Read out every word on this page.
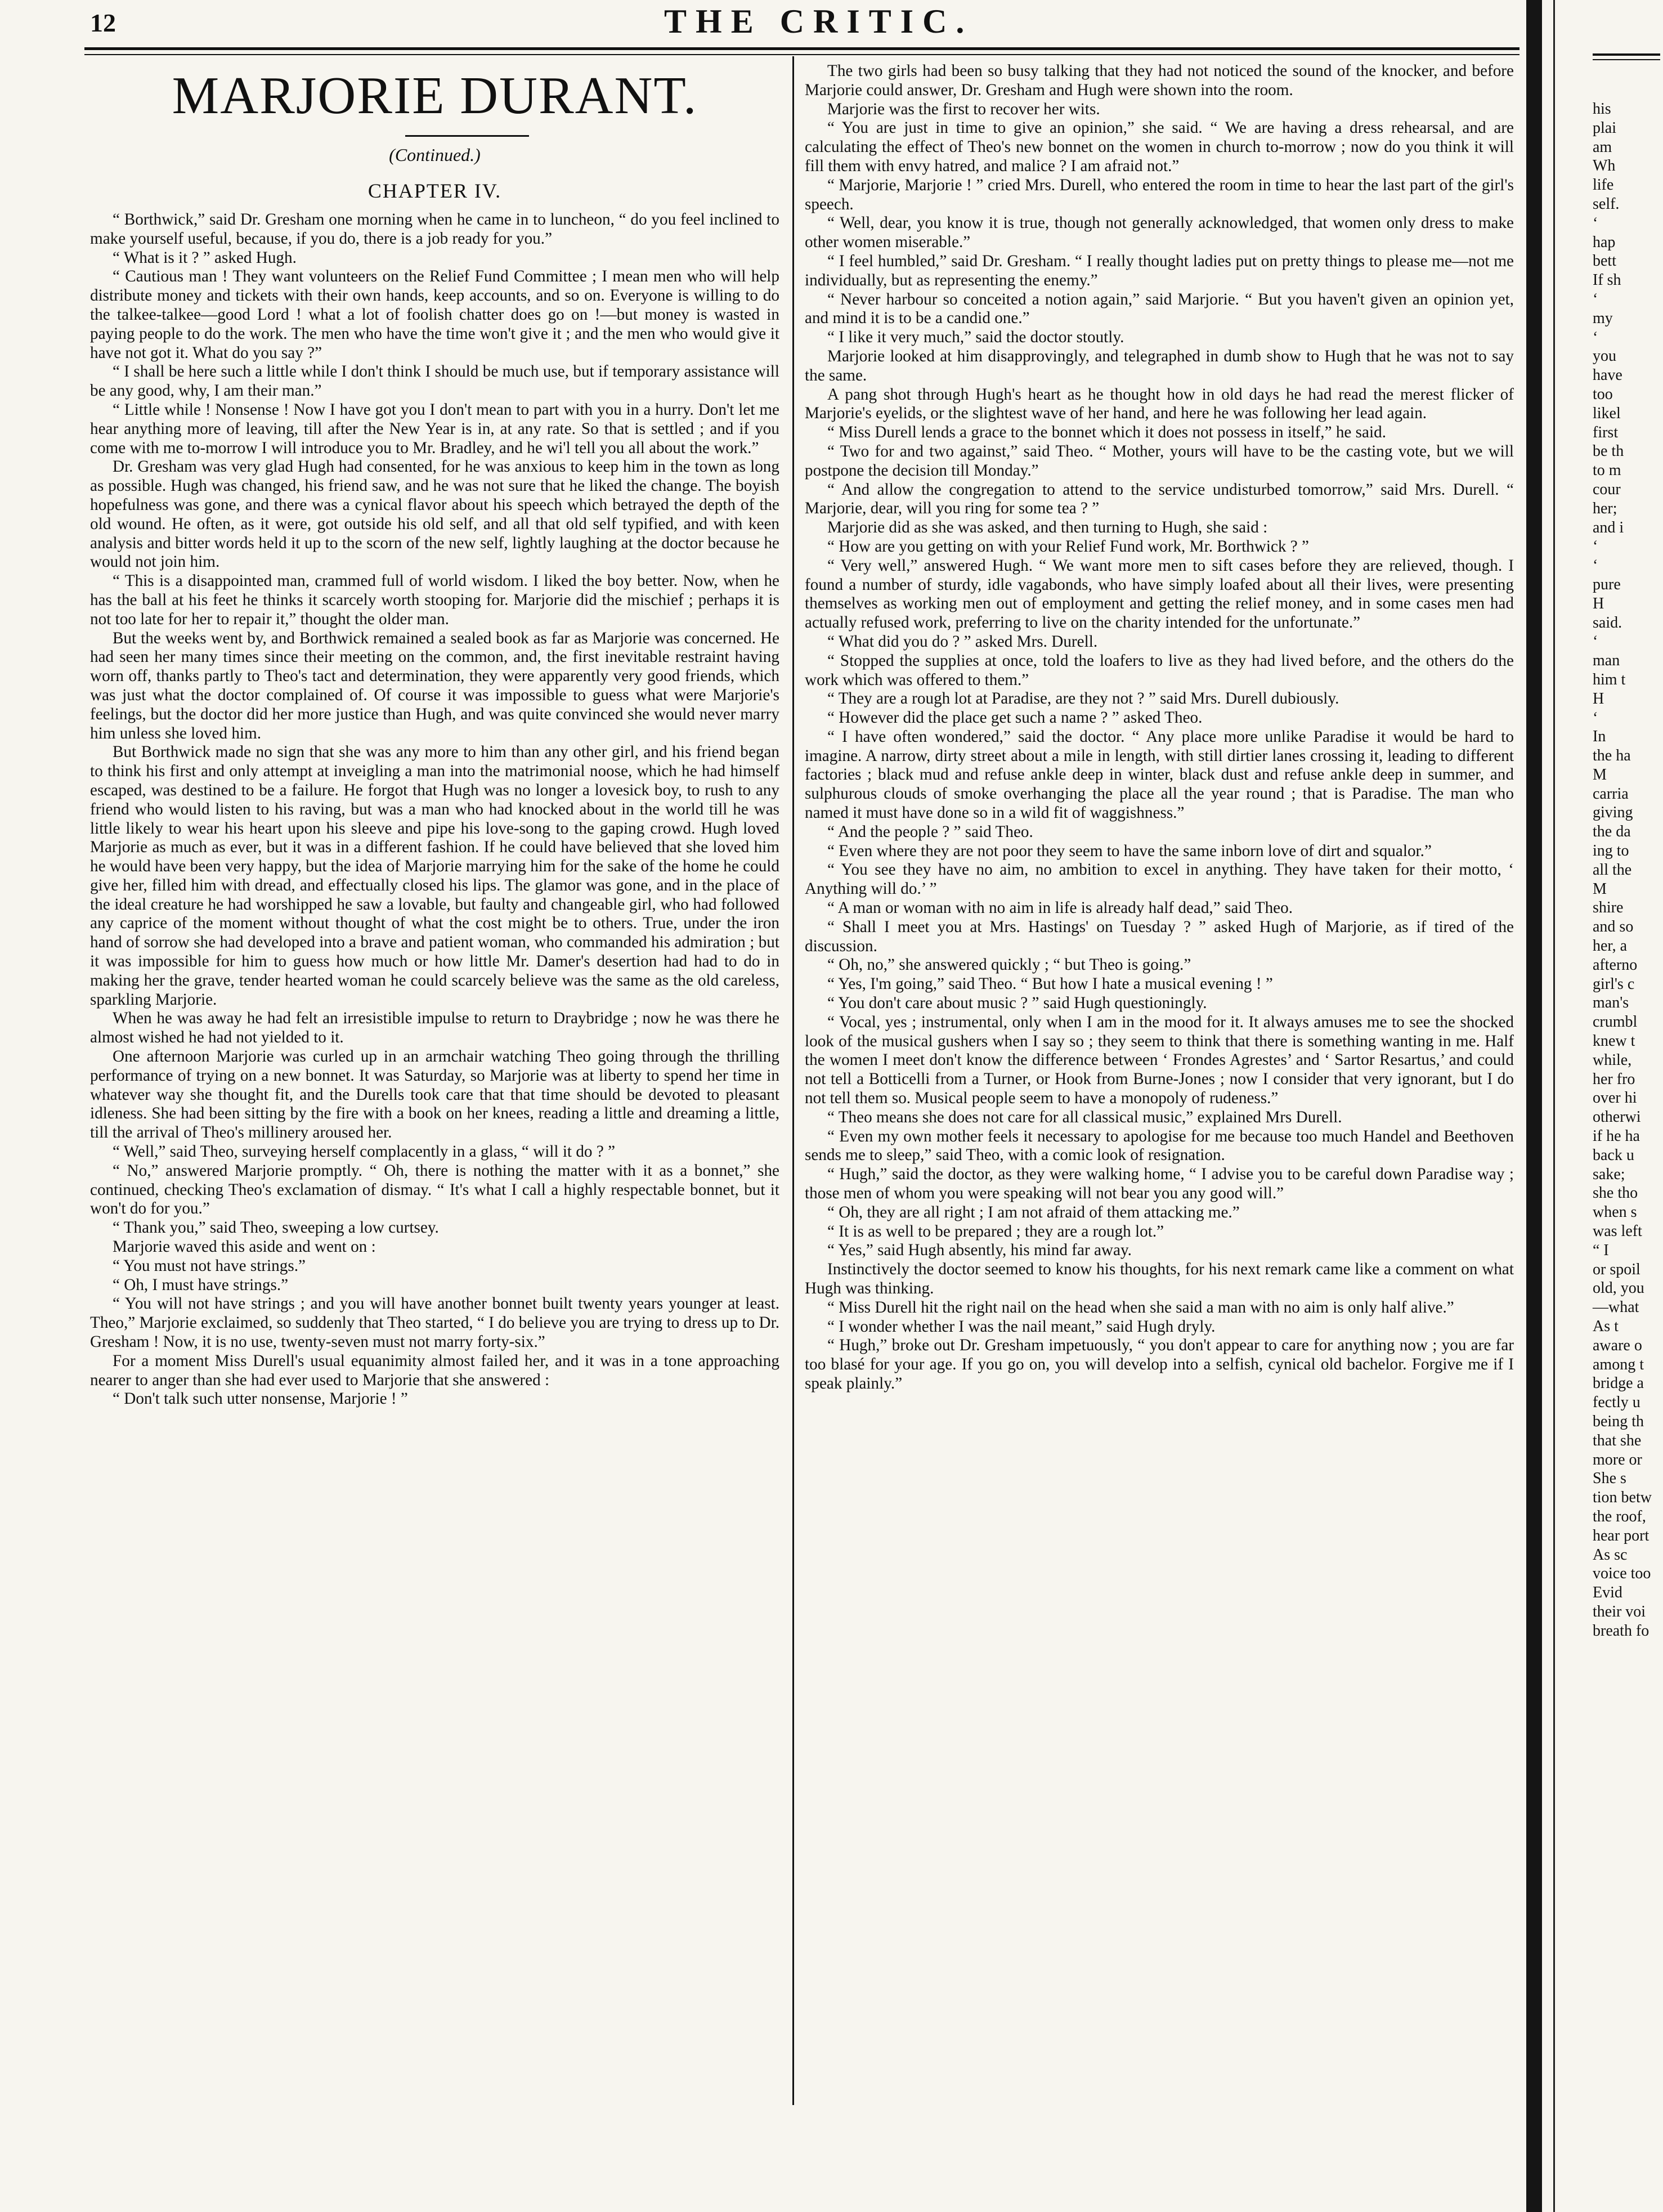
12	THE CRITIC.
MARJORIE DURANT.
(Continued.)
CHAPTER IV.

“ Borthwick,” said Dr. Gresham one morning when he came in to luncheon, “ do you feel inclined to make yourself useful, because, if you do, there is a job ready for you.”

“ What is it ? ” asked Hugh.

“ Cautious man ! They want volunteers on the Relief Fund Committee ; I mean men who will help distribute money and tickets with their own hands, keep accounts, and so on. Everyone is willing to do the talkee-talkee—good Lord ! what a lot of foolish chatter does go on !—but money is wasted in paying people to do the work. The men who have the time won't give it ; and the men who would give it have not got it. What do you say ?”

“ I shall be here such a little while I don't think I should be much use, but if temporary assistance will be any good, why, I am their man.”

“ Little while ! Nonsense ! Now I have got you I don't mean to part with you in a hurry. Don't let me hear anything more of leaving, till after the New Year is in, at any rate. So that is settled ; and if you come with me to-morrow I will introduce you to Mr. Bradley, and he wi'l tell you all about the work.”

Dr. Gresham was very glad Hugh had consented, for he was anxious to keep him in the town as long as possible. Hugh was changed, his friend saw, and he was not sure that he liked the change. The boyish hopefulness was gone, and there was a cynical flavor about his speech which betrayed the depth of the old wound. He often, as it were, got outside his old self, and all that old self typified, and with keen analysis and bitter words held it up to the scorn of the new self, lightly laughing at the doctor because he would not join him.

“ This is a disappointed man, crammed full of world wisdom. I liked the boy better. Now, when he has the ball at his feet he thinks it scarcely worth stooping for. Marjorie did the mischief ; perhaps it is not too late for her to repair it,” thought the older man.

But the weeks went by, and Borthwick remained a sealed book as far as Marjorie was concerned. He had seen her many times since their meeting on the common, and, the first inevitable restraint having worn off, thanks partly to Theo's tact and determination, they were apparently very good friends, which was just what the doctor complained of. Of course it was impossible to guess what were Marjorie's feelings, but the doctor did her more justice than Hugh, and was quite convinced she would never marry him unless she loved him.

But Borthwick made no sign that she was any more to him than any other girl, and his friend began to think his first and only attempt at inveigling a man into the matrimonial noose, which he had himself escaped, was destined to be a failure. He forgot that Hugh was no longer a lovesick boy, to rush to any friend who would listen to his raving, but was a man who had knocked about in the world till he was little likely to wear his heart upon his sleeve and pipe his love-song to the gaping crowd. Hugh loved Marjorie as much as ever, but it was in a different fashion. If he could have believed that she loved him he would have been very happy, but the idea of Marjorie marrying him for the sake of the home he could give her, filled him with dread, and effectually closed his lips. The glamor was gone, and in the place of the ideal creature he had worshipped he saw a lovable, but faulty and changeable girl, who had followed any caprice of the moment without thought of what the cost might be to others. True, under the iron hand of sorrow she had developed into a brave and patient woman, who commanded his admiration ; but it was impossible for him to guess how much or how little Mr. Damer's desertion had had to do in making her the grave, tender hearted woman he could scarcely believe was the same as the old careless, sparkling Marjorie.

When he was away he had felt an irresistible impulse to return to Draybridge ; now he was there he almost wished he had not yielded to it.

One afternoon Marjorie was curled up in an armchair watching Theo going through the thrilling performance of trying on a new bonnet. It was Saturday, so Marjorie was at liberty to spend her time in whatever way she thought fit, and the Durells took care that that time should be devoted to pleasant idleness. She had been sitting by the fire with a book on her knees, reading a little and dreaming a little, till the arrival of Theo's millinery aroused her.

“ Well,” said Theo, surveying herself complacently in a glass, “ will it do ? ”

“ No,” answered Marjorie promptly. “ Oh, there is nothing the matter with it as a bonnet,” she continued, checking Theo's exclamation of dismay. “ It's what I call a highly respectable bonnet, but it won't do for you.”

“ Thank you,” said Theo, sweeping a low curtsey.

Marjorie waved this aside and went on :

“ You must not have strings.”

“ Oh, I must have strings.”

“ You will not have strings ; and you will have another bonnet built twenty years younger at least. Theo,” Marjorie exclaimed, so suddenly that Theo started, “ I do believe you are trying to dress up to Dr. Gresham ! Now, it is no use, twenty-seven must not marry forty-six.”

For a moment Miss Durell's usual equanimity almost failed her, and it was in a tone approaching nearer to anger than she had ever used to Marjorie that she answered :

“ Don't talk such utter nonsense, Marjorie ! ”

The two girls had been so busy talking that they had not noticed the sound of the knocker, and before Marjorie could answer, Dr. Gresham and Hugh were shown into the room.

Marjorie was the first to recover her wits.

“ You are just in time to give an opinion,” she said. “ We are having a dress rehearsal, and are calculating the effect of Theo's new bonnet on the women in church to-morrow ; now do you think it will fill them with envy hatred, and malice ? I am afraid not.”

“ Marjorie, Marjorie ! ” cried Mrs. Durell, who entered the room in time to hear the last part of the girl's speech.

“ Well, dear, you know it is true, though not generally acknowledged, that women only dress to make other women miserable.”

“ I feel humbled,” said Dr. Gresham. “ I really thought ladies put on pretty things to please me—not me individually, but as representing the enemy.”

“ Never harbour so conceited a notion again,” said Marjorie. “ But you haven't given an opinion yet, and mind it is to be a candid one.”

“ I like it very much,” said the doctor stoutly.

Marjorie looked at him disapprovingly, and telegraphed in dumb show to Hugh that he was not to say the same.

A pang shot through Hugh's heart as he thought how in old days he had read the merest flicker of Marjorie's eyelids, or the slightest wave of her hand, and here he was following her lead again.

“ Miss Durell lends a grace to the bonnet which it does not possess in itself,” he said.

“ Two for and two against,” said Theo. “ Mother, yours will have to be the casting vote, but we will postpone the decision till Monday.”

“ And allow the congregation to attend to the service undisturbed tomorrow,” said Mrs. Durell. “ Marjorie, dear, will you ring for some tea ? ”

Marjorie did as she was asked, and then turning to Hugh, she said :

“ How are you getting on with your Relief Fund work, Mr. Borthwick ? ”

“ Very well,” answered Hugh. “ We want more men to sift cases before they are relieved, though. I found a number of sturdy, idle vagabonds, who have simply loafed about all their lives, were presenting themselves as working men out of employment and getting the relief money, and in some cases men had actually refused work, preferring to live on the charity intended for the unfortunate.”

“ What did you do ? ” asked Mrs. Durell.

“ Stopped the supplies at once, told the loafers to live as they had lived before, and the others do the work which was offered to them.”

“ They are a rough lot at Paradise, are they not ? ” said Mrs. Durell dubiously.

“ However did the place get such a name ? ” asked Theo.

“ I have often wondered,” said the doctor. “ Any place more unlike Paradise it would be hard to imagine. A narrow, dirty street about a mile in length, with still dirtier lanes crossing it, leading to different factories ; black mud and refuse ankle deep in winter, black dust and refuse ankle deep in summer, and sulphurous clouds of smoke overhanging the place all the year round ; that is Paradise. The man who named it must have done so in a wild fit of waggishness.”

“ And the people ? ” said Theo.

“ Even where they are not poor they seem to have the same inborn love of dirt and squalor.”

“ You see they have no aim, no ambition to excel in anything. They have taken for their motto, ‘ Anything will do.’ ”

“ A man or woman with no aim in life is already half dead,” said Theo.

“ Shall I meet you at Mrs. Hastings' on Tuesday ? ” asked Hugh of Marjorie, as if tired of the discussion.

“ Oh, no,” she answered quickly ; “ but Theo is going.”

“ Yes, I'm going,” said Theo. “ But how I hate a musical evening ! ”

“ You don't care about music ? ” said Hugh questioningly.

“ Vocal, yes ; instrumental, only when I am in the mood for it. It always amuses me to see the shocked look of the musical gushers when I say so ; they seem to think that there is something wanting in me. Half the women I meet don't know the difference between ‘ Frondes Agrestes’ and ‘ Sartor Resartus,’ and could not tell a Botticelli from a Turner, or Hook from Burne-Jones ; now I consider that very ignorant, but I do not tell them so. Musical people seem to have a monopoly of rudeness.”

“ Theo means she does not care for all classical music,” explained Mrs Durell.

“ Even my own mother feels it necessary to apologise for me because too much Handel and Beethoven sends me to sleep,” said Theo, with a comic look of resignation.

“ Hugh,” said the doctor, as they were walking home, “ I advise you to be careful down Paradise way ; those men of whom you were speaking will not bear you any good will.”

“ Oh, they are all right ; I am not afraid of them attacking me.”

“ It is as well to be prepared ; they are a rough lot.”

“ Yes,” said Hugh absently, his mind far away.

Instinctively the doctor seemed to know his thoughts, for his next remark came like a comment on what Hugh was thinking.

“ Miss Durell hit the right nail on the head when she said a man with no aim is only half alive.”

“ I wonder whether I was the nail meant,” said Hugh dryly.

“ Hugh,” broke out Dr. Gresham impetuously, “ you don't appear to care for anything now ; you are far too blasé for your age. If you go on, you will develop into a selfish, cynical old bachelor. Forgive me if I speak plainly.”

his

plai

am

Wh

life

self.

‘

hap

bett

If sh

‘

my

‘

you

have

too

likel

first

be th

to m

cour

her;

and i

‘

‘

pure

H

said.

‘

man

him t

H

‘

In

the ha

M

carria

giving

the da

ing to

all the

M

shire

and so

her, a

afterno

girl's c

man's

crumbl

knew t

while,

her fro

over hi

otherwi

if he ha

back u

sake;

she tho

when s

was left

“ I

or spoil

old, you

—what

As t

aware o

among t

bridge a

fectly u

being th

that she

more or

She s

tion betw

the roof,

hear port

As sc

voice too

Evid

their voi

breath fo
